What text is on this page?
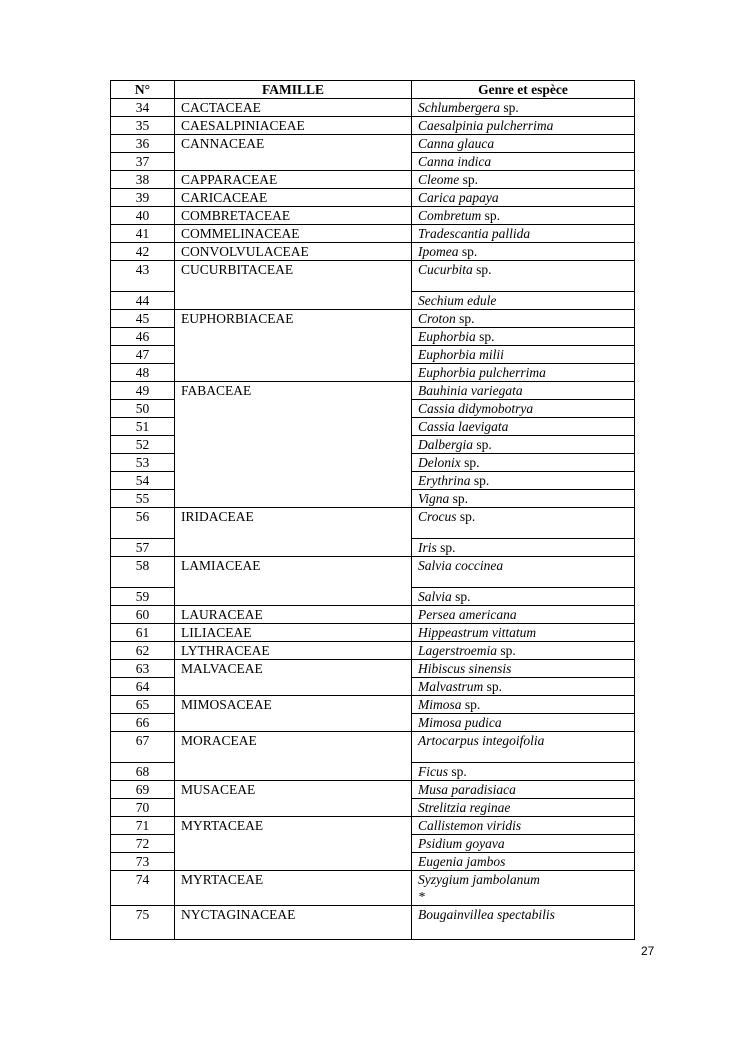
N°	FAMILLE	Genre et espèce
34	CACTACEAE	Schlumbergera sp.
35	CAESALPINIACEAE	Caesalpinia pulcherrima
36	CANNACEAE	Canna glauca
37		Canna indica
38	CAPPARACEAE	Cleome sp.
39	CARICACEAE	Carica papaya
40	COMBRETACEAE	Combretum sp.
41	COMMELINACEAE	Tradescantia pallida
42	CONVOLVULACEAE	Ipomea sp.
43	CUCURBITACEAE	Cucurbita sp.
44		Sechium edule
45	EUPHORBIACEAE	Croton sp.
46		Euphorbia sp.
47		Euphorbia milii
48		Euphorbia pulcherrima
49	FABACEAE	Bauhinia variegata
50		Cassia didymobotrya
51		Cassia laevigata
52		Dalbergia sp.
53		Delonix sp.
54		Erythrina sp.
55		Vigna sp.
56	IRIDACEAE	Crocus sp.
57		Iris sp.
58	LAMIACEAE	Salvia coccinea
59		Salvia sp.
60	LAURACEAE	Persea americana
61	LILIACEAE	Hippeastrum vittatum
62	LYTHRACEAE	Lagerstroemia sp.
63	MALVACEAE	Hibiscus sinensis
64		Malvastrum sp.
65	MIMOSACEAE	Mimosa sp.
66		Mimosa pudica
67	MORACEAE	Artocarpus integoifolia
68		Ficus sp.
69	MUSACEAE	Musa paradisiaca
70		Strelitzia reginae
71	MYRTACEAE	Callistemon viridis
72		Psidium goyava
73		Eugenia jambos
74	MYRTACEAE	Syzygium jambolanum
*
75	NYCTAGINACEAE	Bougainvillea spectabilis
27
